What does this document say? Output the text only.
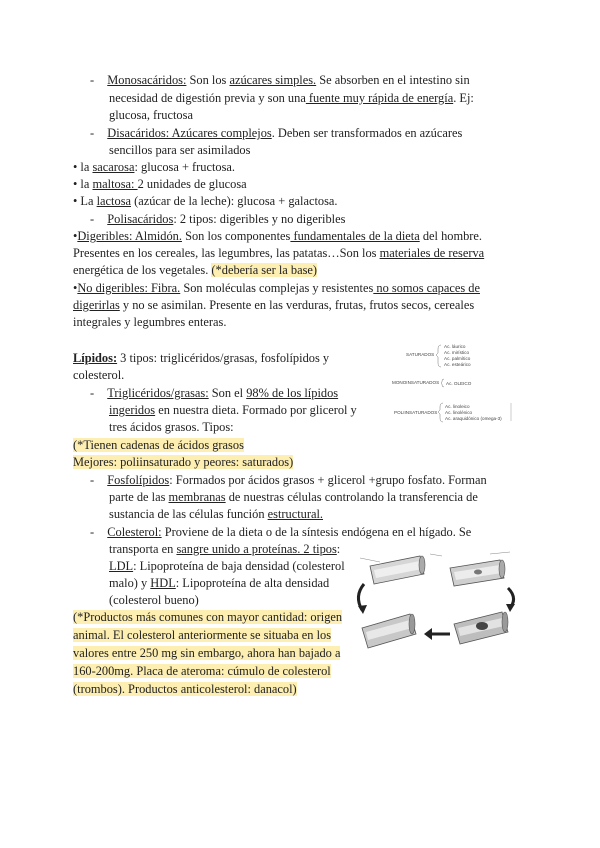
- Monosacáridos: Son los azúcares simples. Se absorben en el intestino sin
necesidad de digestión previa y son una fuente muy rápida de energía. Ej:
glucosa, fructosa
- Disacáridos: Azúcares complejos. Deben ser transformados en azúcares
sencillos para ser asimilados
• la sacarosa: glucosa + fructosa.
• la maltosa: 2 unidades de glucosa
• La lactosa (azúcar de la leche): glucosa + galactosa.
- Polisacáridos: 2 tipos: digeribles y no digeribles
•Digeribles: Almidón. Son los componentes fundamentales de la dieta del hombre.
Presentes en los cereales, las legumbres, las patatas…Son los materiales de reserva
energética de los vegetales. (*debería ser la base)
•No digeribles: Fibra. Son moléculas complejas y resistentes no somos capaces de
digerirlas y no se asimilan. Presente en las verduras, frutas, frutos secos, cereales
integrales y legumbres enteras.
Lípidos: 3 tipos: triglicéridos/grasas, fosfolípidos y
colesterol.
- Triglicéridos/grasas: Son el 98% de los lípidos
ingeridos en nuestra dieta. Formado por glicerol y
tres ácidos grasos. Tipos:
(*Tienen cadenas de ácidos grasos
Mejores: poliinsaturado y peores: saturados)
- Fosfolípidos: Formados por ácidos grasos + glicerol +grupo fosfato. Forman
parte de las membranas de nuestras células controlando la transferencia de
sustancia de las células función estructural.
- Colesterol: Proviene de la dieta o de la síntesis endógena en el hígado. Se
transporta en sangre unido a proteínas. 2 tipos:
LDL: Lipoproteína de baja densidad (colesterol
malo) y HDL: Lipoproteína de alta densidad
(colesterol bueno)
(*Productos más comunes con mayor cantidad: origen
animal. El colesterol anteriormente se situaba en los
valores entre 250 mg sin embargo, ahora han bajado a
160-200mg. Placa de ateroma: cúmulo de colesterol
(trombos). Productos anticolesterol: danacol)
SATURADOS
Ac. láurico
Ac. mirístico
Ac. palmítico
Ac. esteárico
MONOINSATURADOS Ac. OLEICO
POLIINSATURADOS
Ac. linoleico
Ac. linolénico
Ac. araquidónico (omega-3)
